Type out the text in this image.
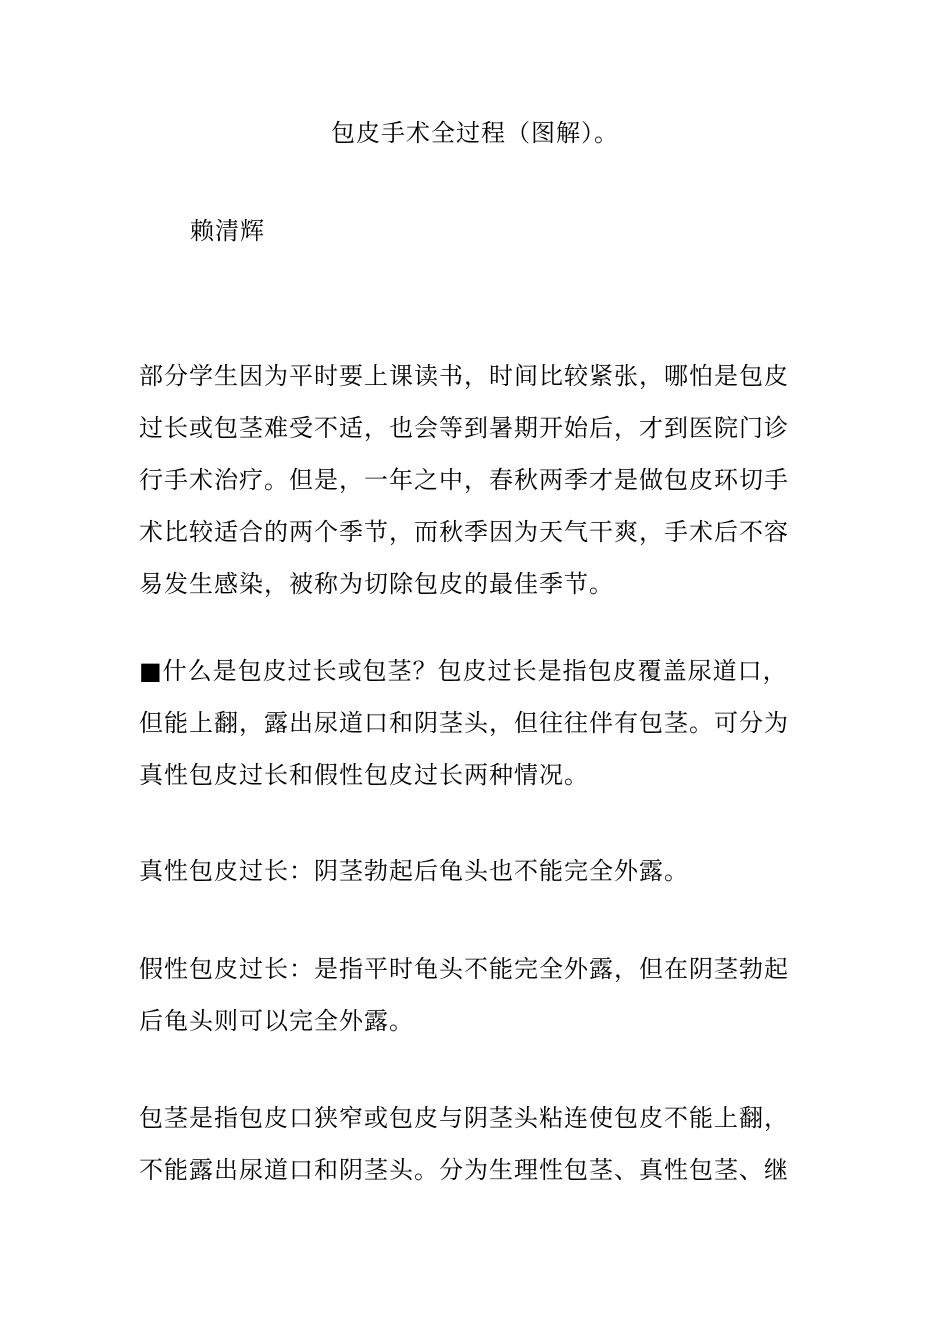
包皮手术全过程（图解）。
赖清辉
部分学生因为平时要上课读书，时间比较紧张，哪怕是包皮
过长或包茎难受不适，也会等到暑期开始后，才到医院门诊
行手术治疗。但是，一年之中，春秋两季才是做包皮环切手
术比较适合的两个季节，而秋季因为天气干爽，手术后不容
易发生感染，被称为切除包皮的最佳季节。
■什么是包皮过长或包茎？包皮过长是指包皮覆盖尿道口，
但能上翻，露出尿道口和阴茎头，但往往伴有包茎。可分为
真性包皮过长和假性包皮过长两种情况。
真性包皮过长：阴茎勃起后龟头也不能完全外露。
假性包皮过长：是指平时龟头不能完全外露，但在阴茎勃起
后龟头则可以完全外露。
包茎是指包皮口狭窄或包皮与阴茎头粘连使包皮不能上翻，
不能露出尿道口和阴茎头。分为生理性包茎、真性包茎、继
